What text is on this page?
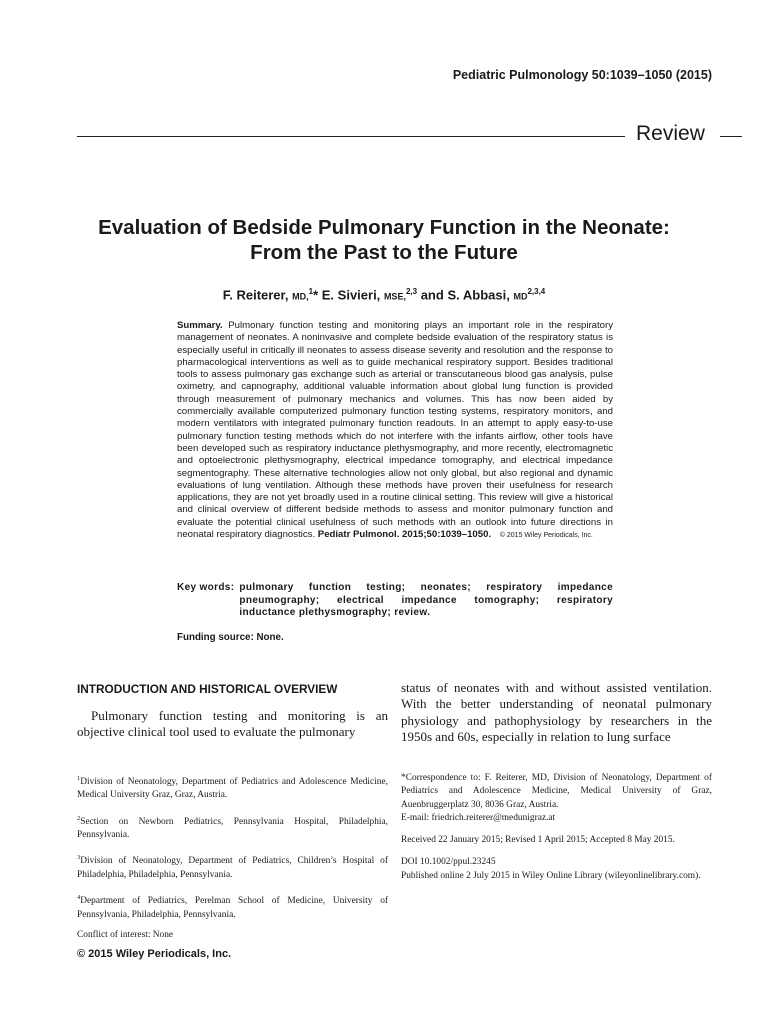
Pediatric Pulmonology 50:1039–1050 (2015)
Review
Evaluation of Bedside Pulmonary Function in the Neonate:
From the Past to the Future
F. Reiterer, MD,$^1$* E. Sivieri, MSE,$^{2,3}$ and S. Abbasi, MD$^{2,3,4}$
Summary. Pulmonary function testing and monitoring plays an important role in the respiratory management of neonates. A noninvasive and complete bedside evaluation of the respiratory status is especially useful in critically ill neonates to assess disease severity and resolution and the response to pharmacological interventions as well as to guide mechanical respiratory support. Besides traditional tools to assess pulmonary gas exchange such as arterial or transcutaneous blood gas analysis, pulse oximetry, and capnography, additional valuable information about global lung function is provided through measurement of pulmonary mechanics and volumes. This has now been aided by commercially available computerized pulmonary function testing systems, respiratory monitors, and modern ventilators with integrated pulmonary function readouts. In an attempt to apply easy-to-use pulmonary function testing methods which do not interfere with the infants airflow, other tools have been developed such as respiratory inductance plethysmography, and more recently, electromagnetic and optoelectronic plethysmography, electrical impedance tomography, and electrical impedance segmentography. These alternative technologies allow not only global, but also regional and dynamic evaluations of lung ventilation. Although these methods have proven their usefulness for research applications, they are not yet broadly used in a routine clinical setting. This review will give a historical and clinical overview of different bedside methods to assess and monitor pulmonary function and evaluate the potential clinical usefulness of such methods with an outlook into future directions in neonatal respiratory diagnostics. Pediatr Pulmonol. 2015;50:1039–1050. © 2015 Wiley Periodicals, Inc.
Key words: pulmonary function testing; neonates; respiratory impedance pneumography; electrical impedance tomography; respiratory inductance plethysmography; review.
Funding source: None.
INTRODUCTION AND HISTORICAL OVERVIEW

Pulmonary function testing and monitoring is an objective clinical tool used to evaluate the pulmonary

status of neonates with and without assisted ventilation. With the better understanding of neonatal pulmonary physiology and pathophysiology by researchers in the 1950s and 60s, especially in relation to lung surface

$^1$Division of Neonatology, Department of Pediatrics and Adolescence Medicine, Medical University Graz, Graz, Austria.

$^2$Section on Newborn Pediatrics, Pennsylvania Hospital, Philadelphia, Pennsylvania.

$^3$Division of Neonatology, Department of Pediatrics, Children’s Hospital of Philadelphia, Philadelphia, Pennsylvania.

$^4$Department of Pediatrics, Perelman School of Medicine, University of Pennsylvania, Philadelphia, Pennsylvania.

Conflict of interest: None
© 2015 Wiley Periodicals, Inc.

*Correspondence to: F. Reiterer, MD, Division of Neonatology, Department of Pediatrics and Adolescence Medicine, Medical University of Graz, Auenbruggerplatz 30, 8036 Graz, Austria.
E-mail: friedrich.reiterer@medunigraz.at

Received 22 January 2015; Revised 1 April 2015; Accepted 8 May 2015.

DOI 10.1002/ppul.23245
Published online 2 July 2015 in Wiley Online Library (wileyonlinelibrary.com).
